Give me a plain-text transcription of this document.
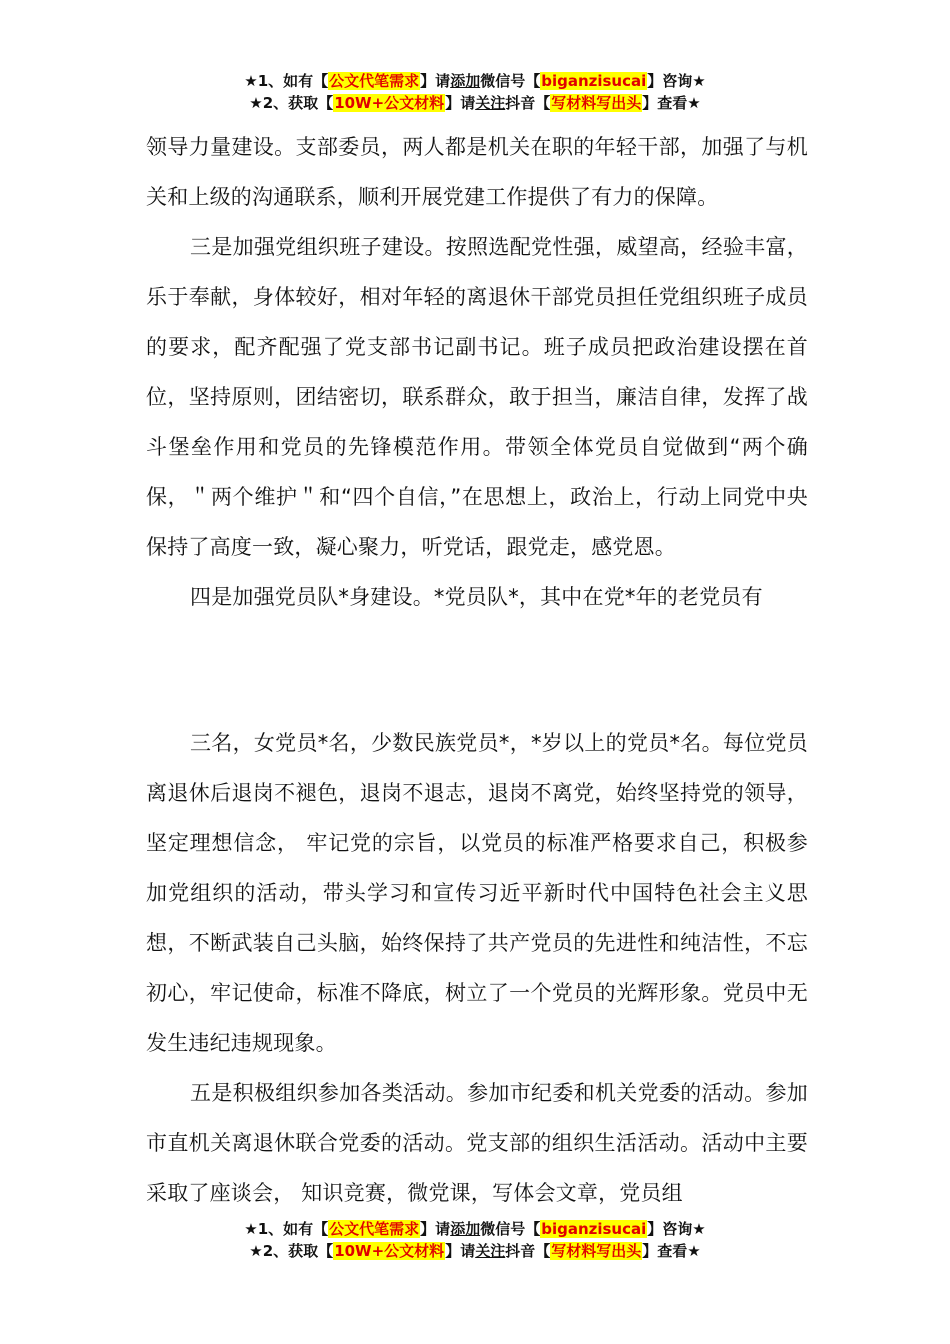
★1、如有【公文代笔需求】请添加微信号【biganzisucai】咨询★
★2、获取【10W+公文材料】请关注抖音【写材料写出头】查看★

领导力量建设。支部委员，两人都是机关在职的年轻干部，加强了与机关和上级的沟通联系，顺利开展党建工作提供了有力的保障。

三是加强党组织班子建设。按照选配党性强，威望高，经验丰富，乐于奉献，身体较好，相对年轻的离退休干部党员担任党组织班子成员的要求，配齐配强了党支部书记副书记。班子成员把政治建设摆在首位，坚持原则，团结密切，联系群众，敢于担当，廉洁自律，发挥了战斗堡垒作用和党员的先锋模范作用。带领全体党员自觉做到“两个确保，＂两个维护＂和“四个自信，”在思想上，政治上，行动上同党中央保持了高度一致，凝心聚力，听党话，跟党走，感党恩。

四是加强党员队*身建设。*党员队*，其中在党*年的老党员有

三名，女党员*名，少数民族党员*，*岁以上的党员*名。每位党员离退休后退岗不褪色，退岗不退志，退岗不离党，始终坚持党的领导，坚定理想信念， 牢记党的宗旨，以党员的标准严格要求自己，积极参加党组织的活动，带头学习和宣传习近平新时代中国特色社会主义思想，不断武装自己头脑，始终保持了共产党员的先进性和纯洁性，不忘初心，牢记使命，标准不降底，树立了一个党员的光辉形象。党员中无发生违纪违规现象。

五是积极组织参加各类活动。参加市纪委和机关党委的活动。参加市直机关离退休联合党委的活动。党支部的组织生活活动。活动中主要采取了座谈会， 知识竞赛，微党课，写体会文章，党员组

★1、如有【公文代笔需求】请添加微信号【biganzisucai】咨询★
★2、获取【10W+公文材料】请关注抖音【写材料写出头】查看★
